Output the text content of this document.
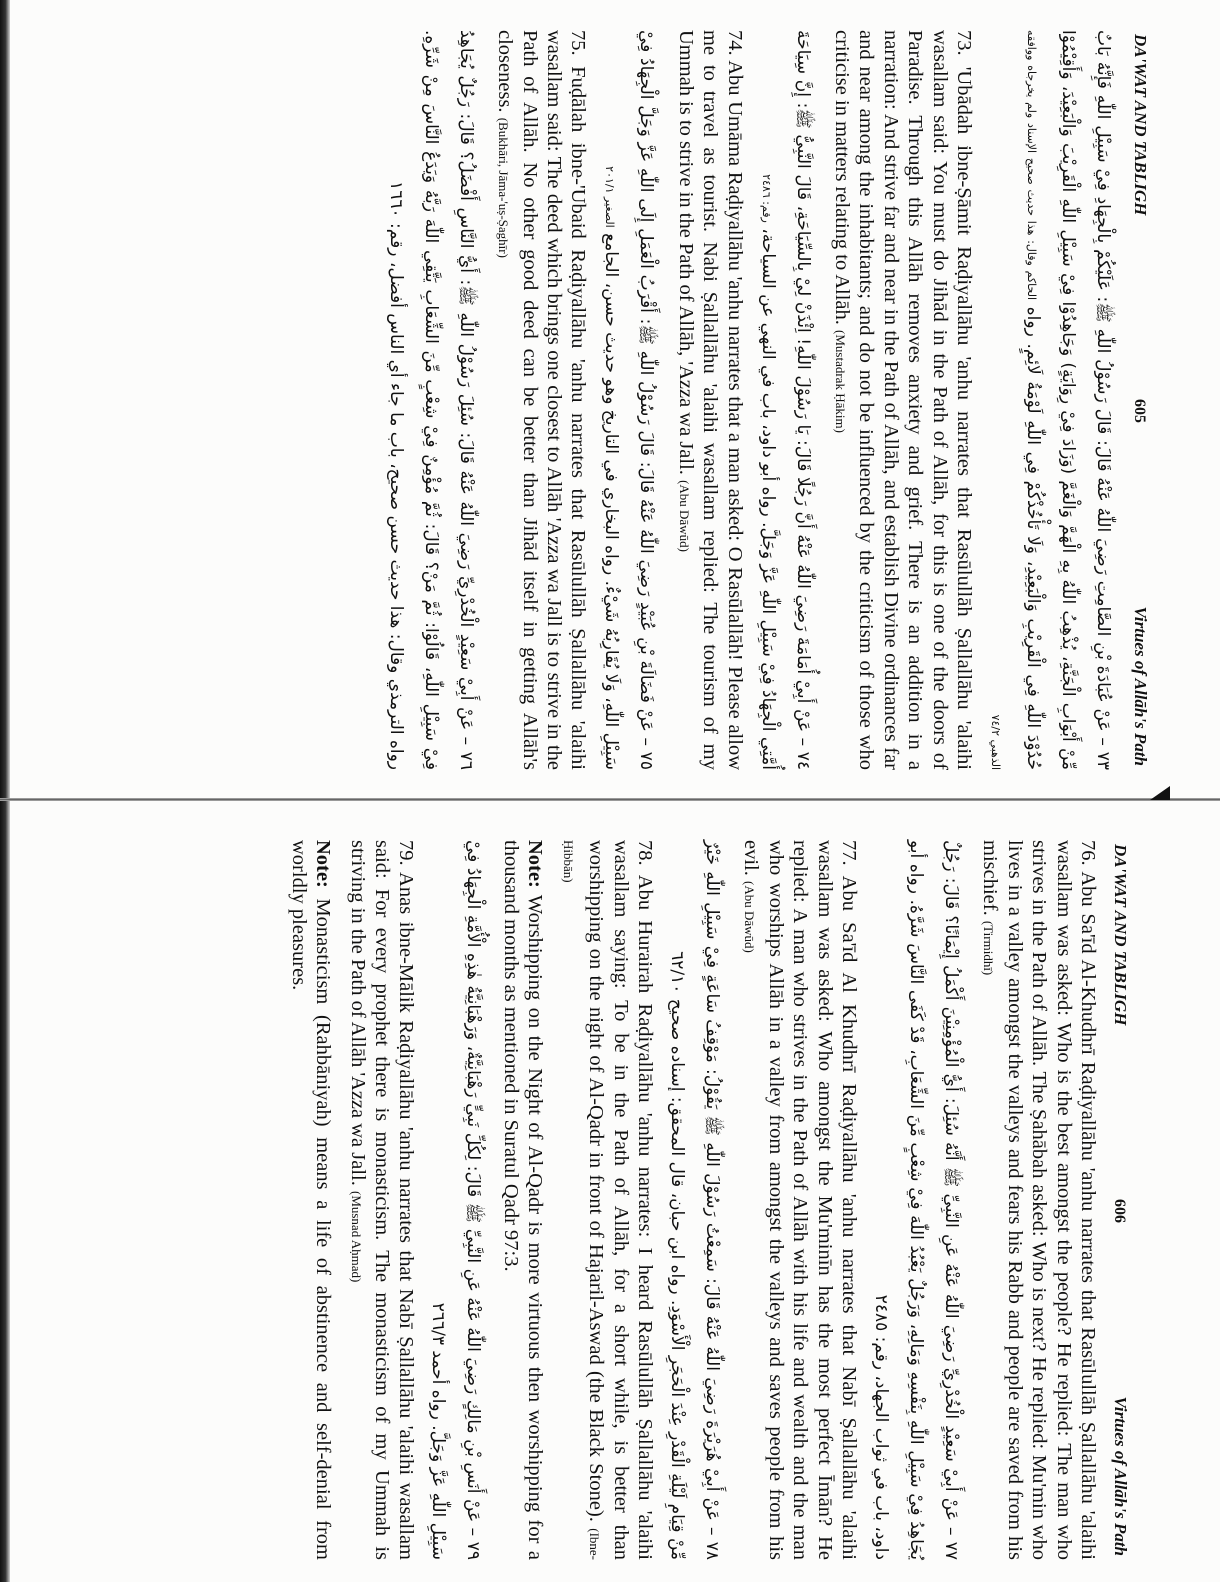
DA'WAT AND TABLIGH
605
Virtues of Allāh's Path

٧٣ – عَنْ عُبَادَةَ بْنِ الصَّامِتِ رَضِيَ اللّٰهُ عَنْهُ قَالَ: قَالَ رَسُوْلُ اللّٰهِ ﷺ: عَلَيْكُمْ بِالْجِهَادِ فِيْ سَبِيْلِ اللّٰهِ فَإِنَّهُ بَابٌ مِّنْ أَبْوَابِ الْجَنَّةِ، يُذْهِبُ اللّٰهُ بِهِ الْهَمَّ وَالْغَمَّ (وَزَادَ فِيْ رِوَايَةٍ) وَجَاهِدُوْا فِيْ سَبِيْلِ اللّٰهِ الْقَرِيْبَ وَالْبَعِيْدَ، وَأَقِيْمُوْا حُدُوْدَ اللّٰهِ فِي الْقَرِيْبِ وَالْبَعِيْدِ، وَلَا تَأْخُذْكُمْ فِي اللّٰهِ لَوْمَةُ لَائِمٍ. رواه الحاكم وقال: هذا حديث صحيح الإسناد ولم يخرجاه ووافقه الذهبي ٧٤/٢

73. 'Ubādah ibne-Ṣāmit Raḍiyallāhu 'anhu narrates that Rasūlullāh Ṣallallāhu 'alaihi wasallam said: You must do Jihād in the Path of Allāh, for this is one of the doors of Paradise. Through this Allāh removes anxiety and grief. There is an addition in a narration: And strive far and near in the Path of Allāh, and establish Divine ordinances far and near among the inhabitants; and do not be influenced by the criticism of those who criticise in matters relating to Allāh. (Mustadrak Ḥākim)

٧٤ – عَنْ أَبِيْ أُمَامَةَ رَضِيَ اللّٰهُ عَنْهُ أَنَّ رَجُلًا قَالَ: يَا رَسُوْلَ اللّٰهِ! اِئْذَنْ لِيْ بِالسِّيَاحَةِ، قَالَ النَّبِيُّ ﷺ: إِنَّ سِيَاحَةَ أُمَّتِي الْجِهَادُ فِيْ سَبِيْلِ اللّٰهِ عَزَّ وَجَلَّ. رواه أبو داود، باب في النهي عن السياحة، رقم: ٢٤٨٦

74. Abu Umāma Raḍiyallāhu 'anhu narrates that a man asked: O Rasūlallāh! Please allow me to travel as tourist. Nabi Ṣallallāhu 'alaihi wasallam replied: The tourism of my Ummah is to strive in the Path of Allāh, 'Azza wa Jall. (Abu Dāwūd)

٧٥ – عَنْ فَضَالَةَ بْنِ عُبَيْدٍ رَضِيَ اللّٰهُ عَنْهُ قَالَ: قَالَ رَسُوْلُ اللّٰهِ ﷺ: أَقْرَبُ الْعَمَلِ إِلَى اللّٰهِ عَزَّ وَجَلَّ الْجِهَادُ فِيْ سَبِيْلِ اللّٰهِ، وَلَا يُقَارِبُهُ شَيْءٌ. رواه البخاري في التاريخ وهو حديث حسن، الجامع الصغير ٢٠١/١

75. Fuḍālah ibne-'Ubaid Raḍiyallāhu 'anhu narrates that Rasūlullāh Ṣallallāhu 'alaihi wasallam said: The deed which brings one closest to Allāh 'Azza wa Jall is to strive in the Path of Allāh. No other good deed can be better than Jihād itself in getting Allāh's closeness. (Bukhāri, Jāma-'uṣ-Ṣaghīr)

٧٦ – عَنْ أَبِيْ سَعِيْدٍ الْخُدْرِيِّ رَضِيَ اللّٰهُ عَنْهُ قَالَ: سُئِلَ رَسُوْلُ اللّٰهِ ﷺ: أَيُّ النَّاسِ أَفْضَلُ؟ قَالَ: رَجُلٌ يُجَاهِدُ فِيْ سَبِيْلِ اللّٰهِ، قَالُوْا: ثُمَّ مَنْ؟ قَالَ: ثُمَّ مُؤْمِنٌ فِيْ شِعْبٍ مِّنَ الشِّعَابِ يَتَّقِي اللّٰهَ رَبَّهُ وَيَدَعُ النَّاسَ مِنْ شَرِّهِ. رواه الترمذي وقال: هذا حديث حسن صحيح، باب ما جاء أي الناس أفضل، رقم: ١٦٦٠

DA'WAT AND TABLIGH
606
Virtues of Allāh's Path

76. Abu Sa'īd Al-Khudhrī Raḍiyallāhu 'anhu narrates that Rasūlullāh Ṣallallāhu 'alaihi wasallam was asked: Who is the best amongst the people? He replied: The man who strives in the Path of Allāh. The Ṣahābah asked: Who is next? He replied: Mu'min who lives in a valley amongst the valleys and fears his Rabb and people are saved from his mischief. (Tirmidhī)

٧٧ – عَنْ أَبِيْ سَعِيْدٍ الْخُدْرِيِّ رَضِيَ اللّٰهُ عَنْهُ عَنِ النَّبِيِّ ﷺ أَنَّهُ سُئِلَ: أَيُّ الْمُؤْمِنِيْنَ أَكْمَلُ إِيْمَانًا؟ قَالَ: رَجُلٌ يُجَاهِدُ فِيْ سَبِيْلِ اللّٰهِ بِنَفْسِهِ وَمَالِهِ، وَرَجُلٌ يَعْبُدُ اللّٰهَ فِيْ شِعْبٍ مِّنَ الشِّعَابِ، قَدْ كَفَى النَّاسَ شَرَّهُ. رواه أبو داود، باب في ثواب الجهاد، رقم: ٢٤٨٥

77. Abu Sa'īd Al Khudhrī Raḍiyallāhu 'anhu narrates that Nabī Ṣallallāhu 'alaihi wasallam was asked: Who amongst the Mu'minīn has the most perfect Īmān? He replied: A man who strives in the Path of Allāh with his life and wealth and the man who worships Allāh in a valley from amongst the valleys and saves people from his evil. (Abu Dāwūd)

٧٨ – عَنْ أَبِيْ هُرَيْرَةَ رَضِيَ اللّٰهُ عَنْهُ قَالَ: سَمِعْتُ رَسُوْلَ اللّٰهِ ﷺ يَقُوْلُ: مَوْقِفُ سَاعَةٍ فِيْ سَبِيْلِ اللّٰهِ خَيْرٌ مِّنْ قِيَامِ لَيْلَةِ الْقَدْرِ عِنْدَ الْحَجَرِ الْأَسْوَدِ. رواه ابن حبان، قال المحقق: إسناده صحيح ٦٢/١٠

78. Abu Hurairah Raḍiyallāhu 'anhu narrates: I heard Rasūlullāh Ṣallallāhu 'alaihi wasallam saying: To be in the Path of Allāh, for a short while, is better than worshipping on the night of Al-Qadr in front of Hajaril-Aswad (the Black Stone). (Ibne-Ḥibbān)

Note: Worshipping on the Night of Al-Qadr is more virtuous then worshipping for a thousand months as mentioned in Suratul Qadr 97:3.

٧٩ – عَنْ أَنَسِ بْنِ مَالِكٍ رَضِيَ اللّٰهُ عَنْهُ عَنِ النَّبِيِّ ﷺ قَالَ: لِكُلِّ نَبِيٍّ رَهْبَانِيَّةٌ، وَرَهْبَانِيَّةُ هٰذِهِ الْأُمَّةِ الْجِهَادُ فِيْ سَبِيْلِ اللّٰهِ عَزَّ وَجَلَّ. رواه أحمد ٢٦٦/٣

79. Anas ibne-Mālik Raḍiyallāhu 'anhu narrates that Nabī Ṣallallāhu 'alaihi wasallam said: For every prophet there is monasticism. The monasticism of my Ummah is striving in the Path of Allāh 'Azza wa Jall. (Musnad Aḥmad)

Note: Monasticism (Rahbāniyah) means a life of abstinence and self-denial from worldly pleasures.
